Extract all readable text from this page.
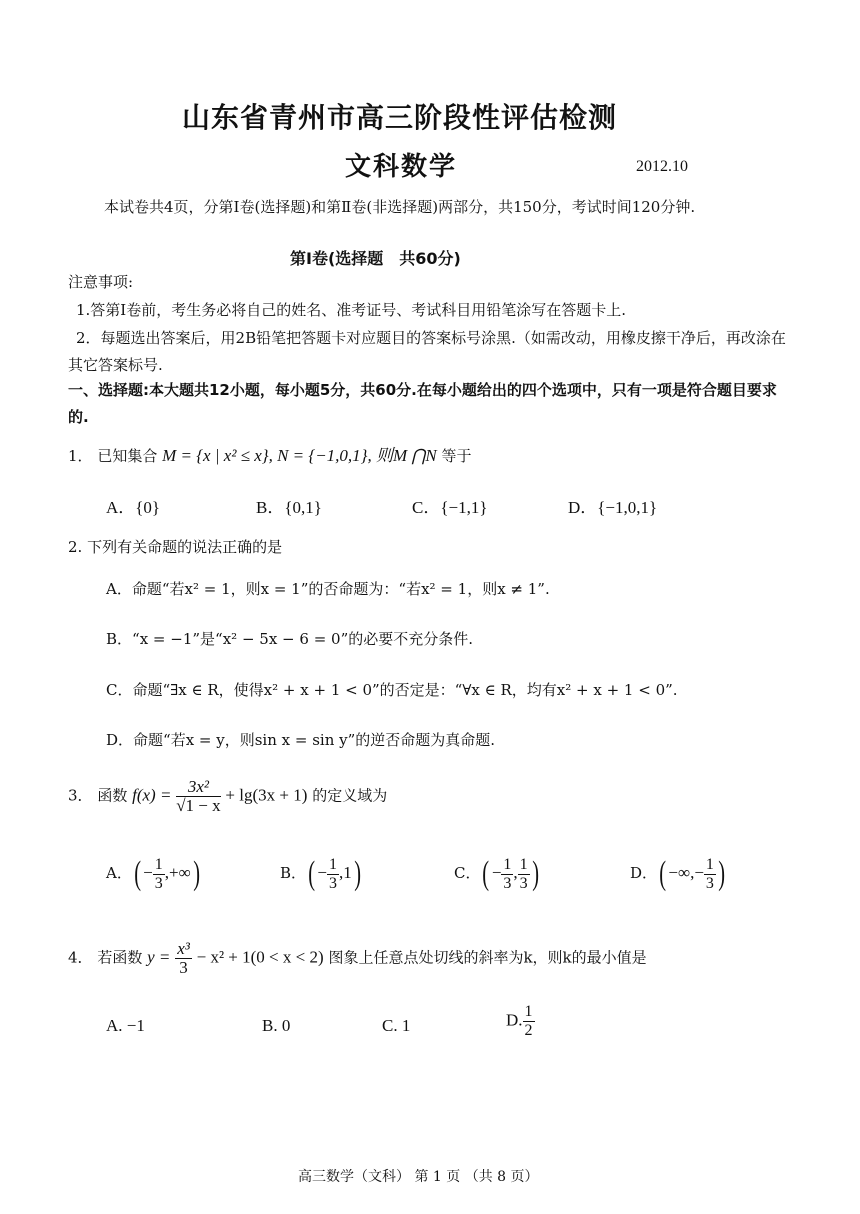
山东省青州市高三阶段性评估检测
文科数学	2012.10
本试卷共4页，分第Ⅰ卷(选择题)和第Ⅱ卷(非选择题)两部分，共150分，考试时间120分钟.
第Ⅰ卷(选择题　共60分)
注意事项:
1.答第Ⅰ卷前，考生务必将自己的姓名、准考证号、考试科目用铅笔涂写在答题卡上.
2．每题选出答案后，用2B铅笔把答题卡对应题目的答案标号涂黑.（如需改动，用橡皮擦干净后，再改涂在其它答案标号.
一、选择题:本大题共12小题，每小题5分，共60分.在每小题给出的四个选项中，只有一项是符合题目要求的.
1． 已知集合 M = {x | x² ≤ x}, N = {−1,0,1}, 则M ⋂N 等于
A．{0}	B．{0,1}	C．{−1,1}	D．{−1,0,1}
2. 下列有关命题的说法正确的是
A．命题“若x² = 1，则x = 1”的否命题为：“若x² = 1，则x ≠ 1”.
B．“x = −1”是“x² − 5x − 6 = 0”的必要不充分条件.
C．命题“∃x ∈ R，使得x² + x + 1 < 0”的否定是：“∀x ∈ R，均有x² + x + 1 < 0”.
D．命题“若x = y，则sin x = sin y”的逆否命题为真命题.
3． 函数 $f(x) = \frac{\text{3x²}}{√1 - x} + \lg(3x + 1)$ 的定义域为
A．( − $\frac{1}{3}$ ,+∞)	B．( − $\frac{1}{3} ,1$)	C．( − $\frac{1}{3}$ , $\frac{1}{3}$ )	D．( −∞,− $\frac{1}{3}$ )
4． 若函数 $y = \frac{\text{x³}}{3} - x^2 + 1(0 < x < 2)$ 图象上任意点处切线的斜率为k，则k的最小值是
A. −1	B. 0	C. 1	D. $\frac{1}{2}$
高三数学（文科） 第 1 页 （共 8 页）
